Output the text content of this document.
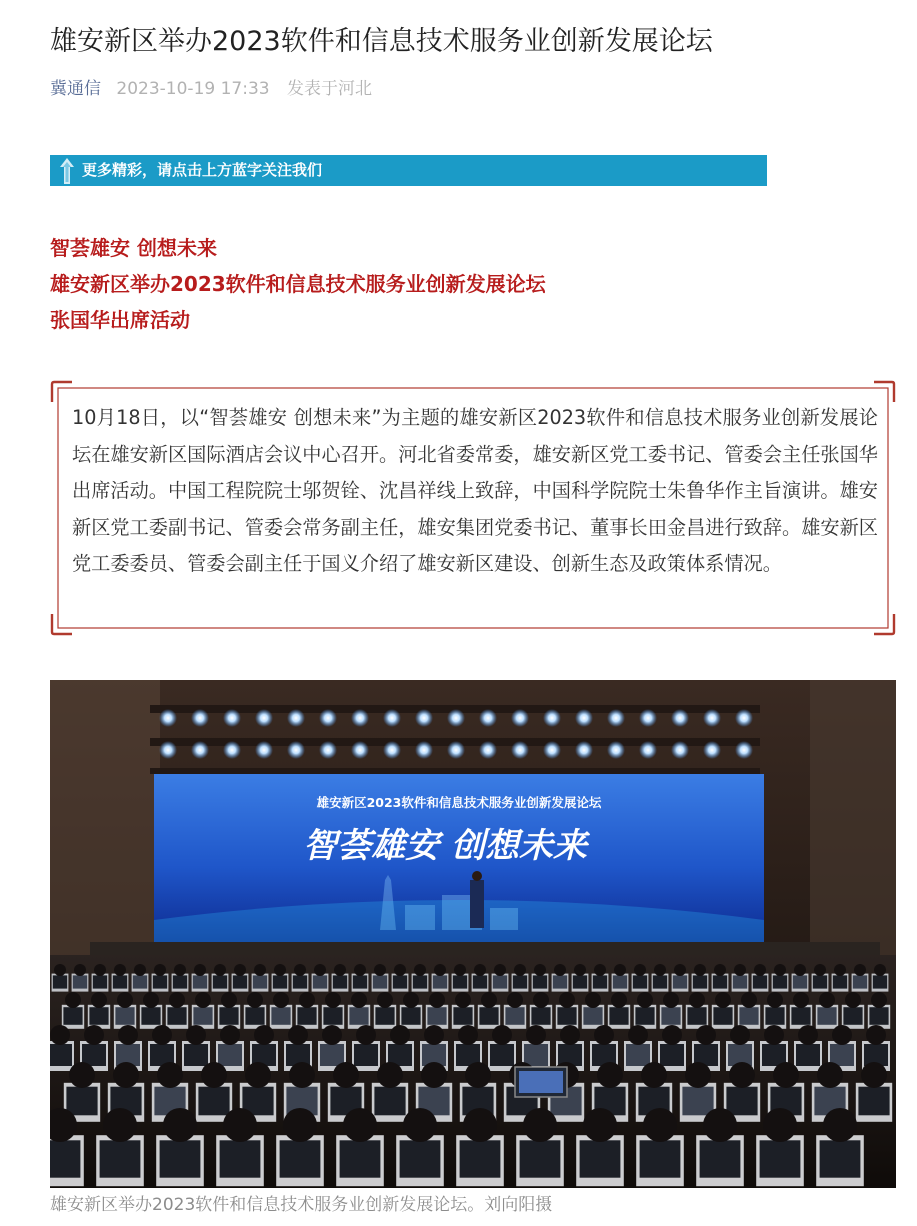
雄安新区举办2023软件和信息技术服务业创新发展论坛
冀通信 2023-10-19 17:33 发表于河北
更多精彩，请点击上方蓝字关注我们
智荟雄安 创想未来
雄安新区举办2023软件和信息技术服务业创新发展论坛
张国华出席活动
10月18日，以“智荟雄安 创想未来”为主题的雄安新区2023软件和信息技术服务业创新发展论坛在雄安新区国际酒店会议中心召开。河北省委常委，雄安新区党工委书记、管委会主任张国华出席活动。中国工程院院士邬贺铨、沈昌祥线上致辞，中国科学院院士朱鲁华作主旨演讲。雄安新区党工委副书记、管委会常务副主任，雄安集团党委书记、董事长田金昌进行致辞。雄安新区党工委委员、管委会副主任于国义介绍了雄安新区建设、创新生态及政策体系情况。
雄安新区2023软件和信息技术服务业创新发展论坛
智荟雄安 创想未来
雄安新区举办2023软件和信息技术服务业创新发展论坛。刘向阳摄
